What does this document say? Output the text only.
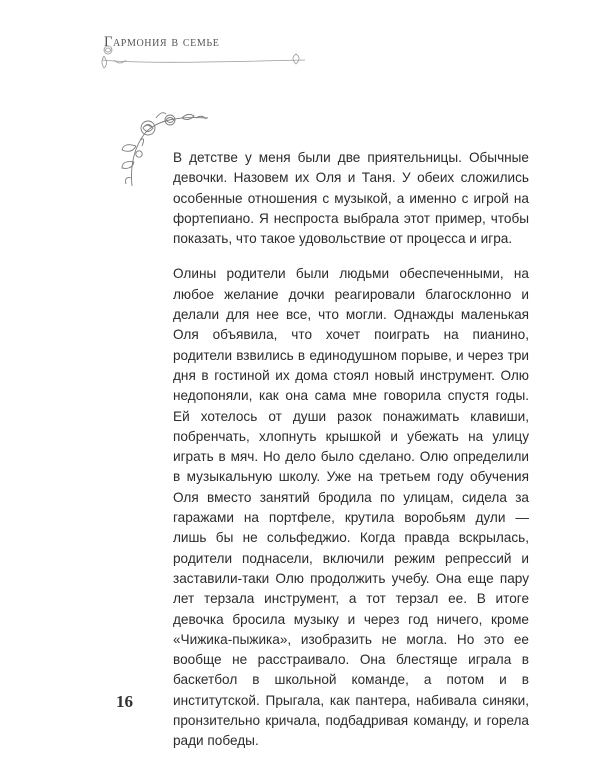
Гармония в семье

В детстве у меня были две приятельницы. Обычные девочки. Назовем их Оля и Таня. У обеих сложились особенные отношения с музыкой, а именно с игрой на фортепиано. Я неспроста выбрала этот пример, чтобы показать, что такое удовольствие от процесса и игра.

Олины родители были людьми обеспеченными, на любое желание дочки реагировали благосклонно и делали для нее все, что могли. Однажды маленькая Оля объявила, что хочет поиграть на пианино, родители взвились в единодушном порыве, и через три дня в гостиной их дома стоял новый инструмент. Олю недопоняли, как она сама мне говорила спустя годы. Ей хотелось от души разок понажимать клавиши, побренчать, хлопнуть крышкой и убежать на улицу играть в мяч. Но дело было сделано. Олю определили в музыкальную школу. Уже на третьем году обучения Оля вместо занятий бродила по улицам, сидела за гаражами на портфеле, крутила воробьям дули — лишь бы не сольфеджио. Когда правда вскрылась, родители поднасели, включили режим репрессий и заставили-таки Олю продолжить учебу. Она еще пару лет терзала инструмент, а тот терзал ее. В итоге девочка бросила музыку и через год ничего, кроме «Чижика-пыжика», изобразить не могла. Но это ее вообще не расстраивало. Она блестяще играла в баскетбол в школьной команде, а потом и в институтской. Прыгала, как пантера, набивала синяки, пронзительно кричала, подбадривая команду, и горела ради победы.

16
